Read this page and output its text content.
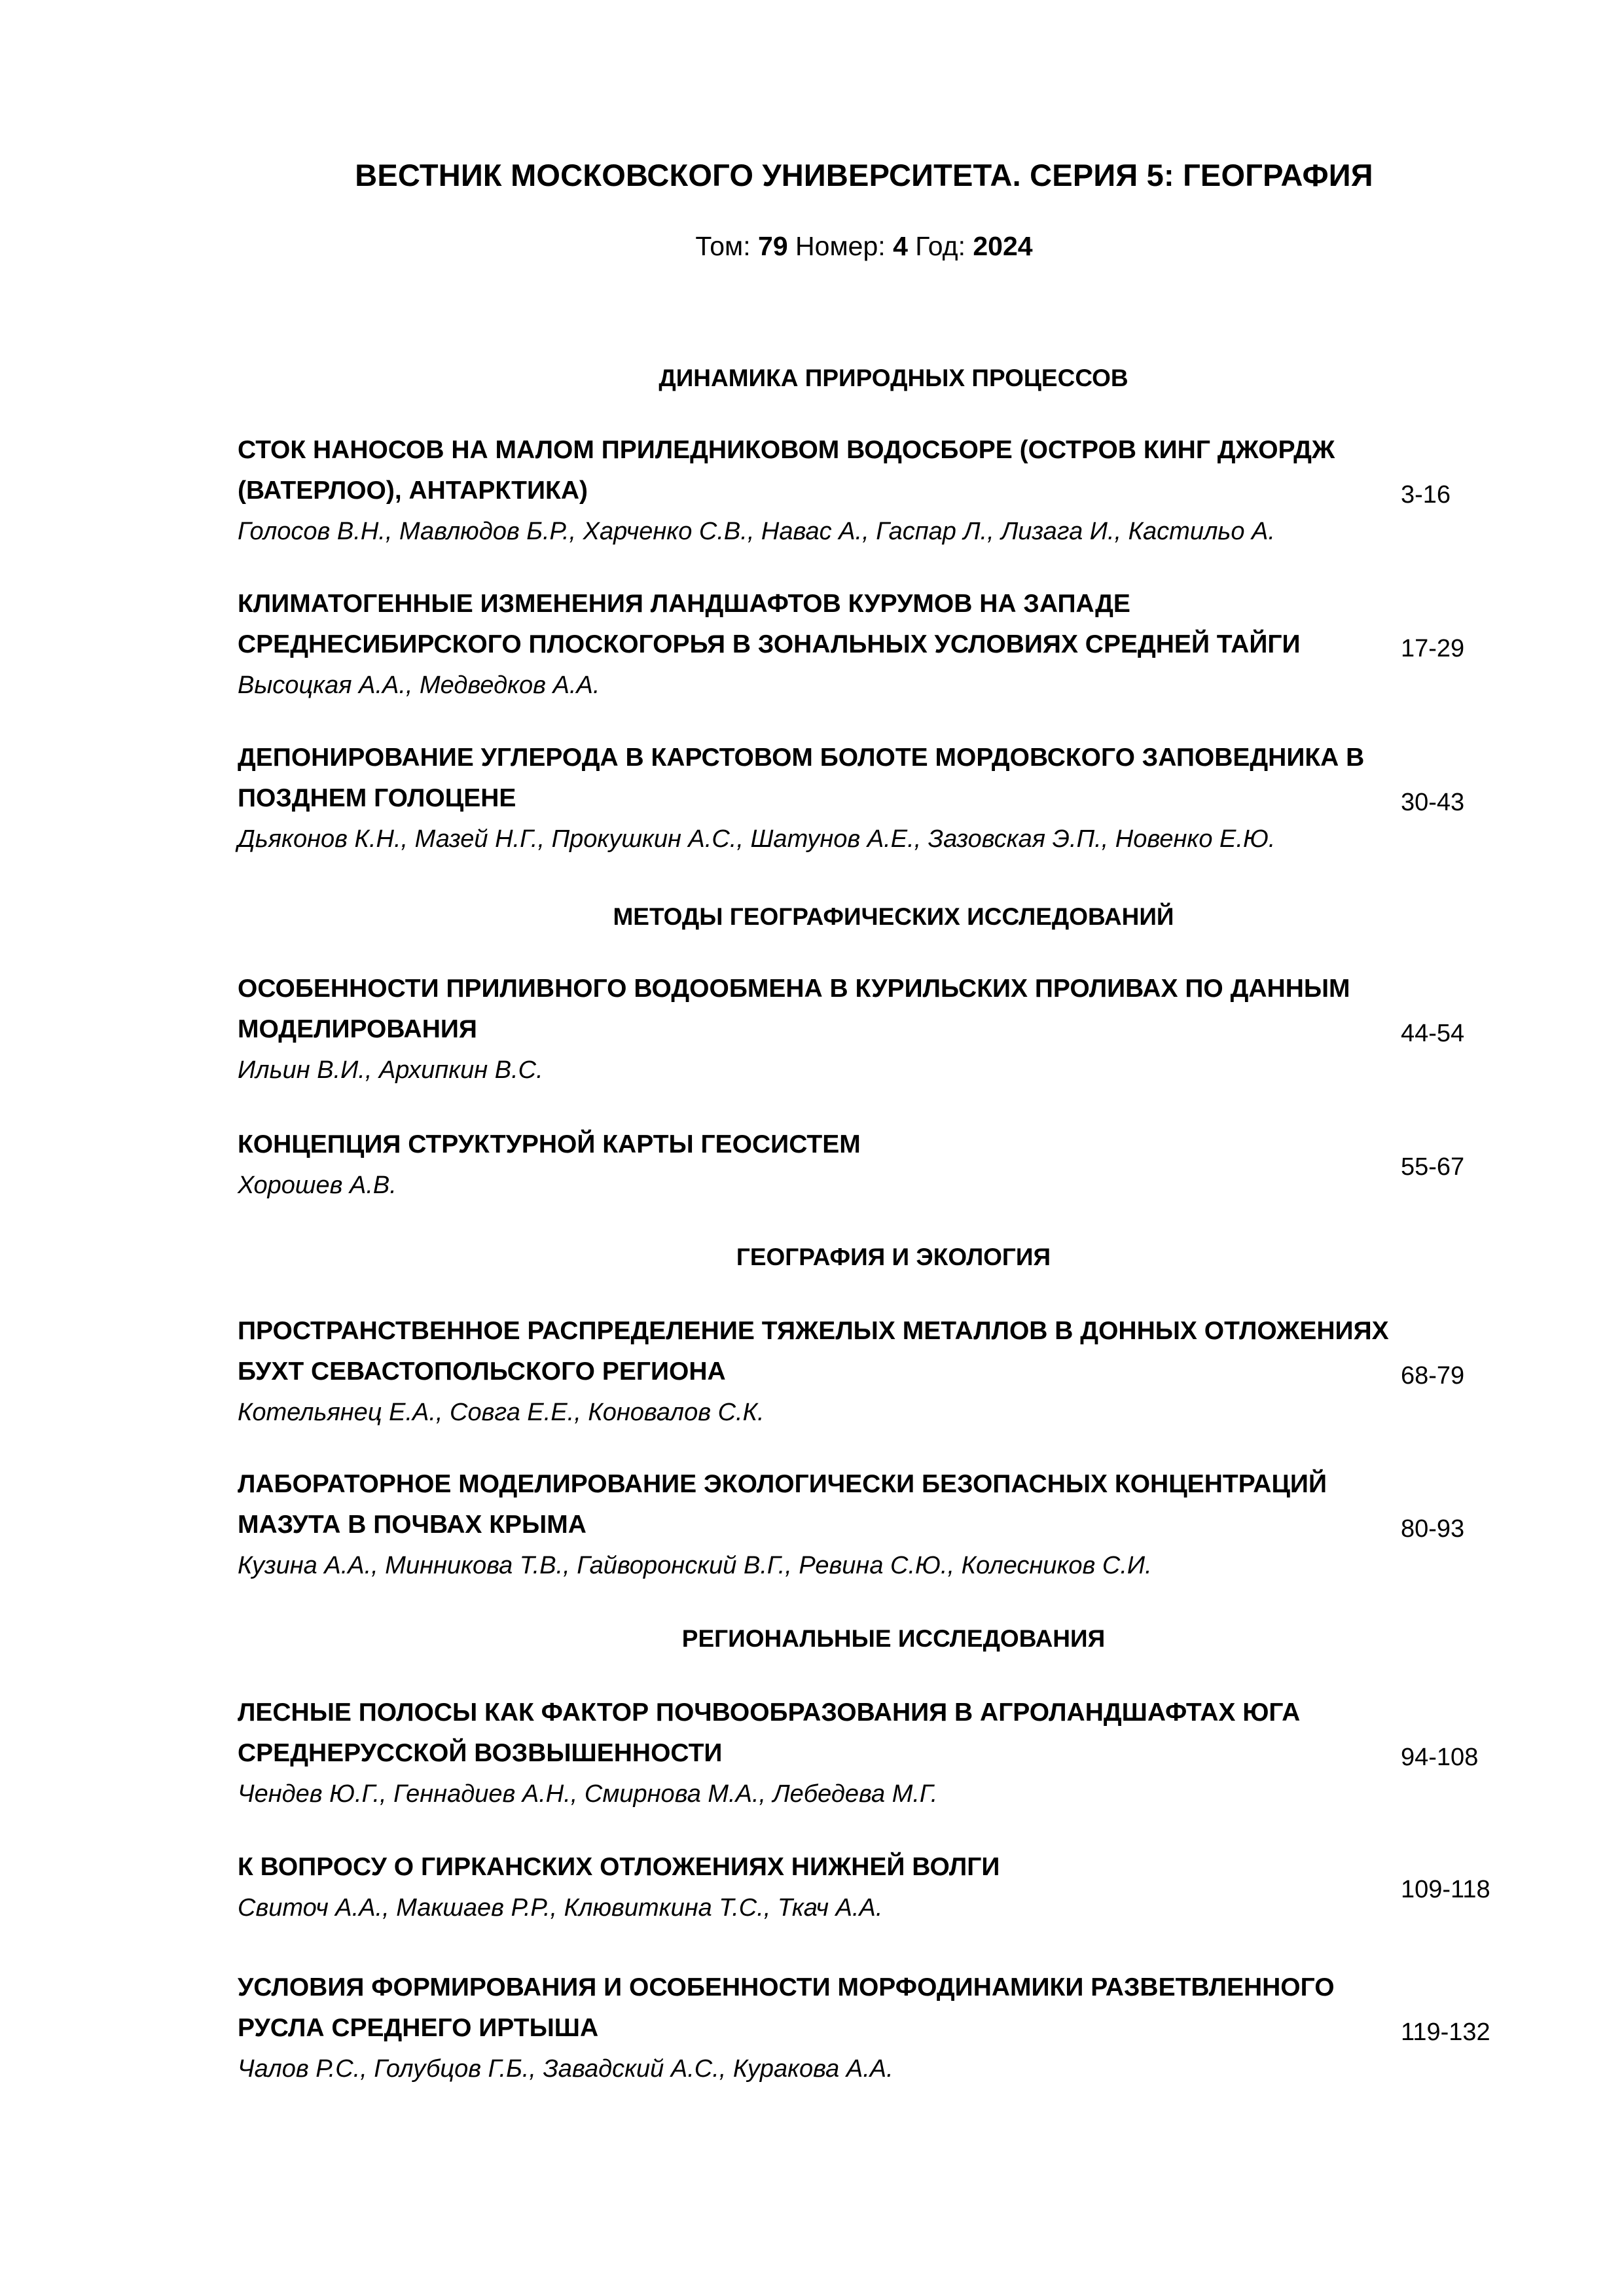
ВЕСТНИК МОСКОВСКОГО УНИВЕРСИТЕТА. СЕРИЯ 5: ГЕОГРАФИЯ
Том: 79 Номер: 4 Год: 2024
ДИНАМИКА ПРИРОДНЫХ ПРОЦЕССОВ
СТОК НАНОСОВ НА МАЛОМ ПРИЛЕДНИКОВОМ ВОДОСБОРЕ (ОСТРОВ КИНГ ДЖОРДЖ
(ВАТЕРЛОО), АНТАРКТИКА)
Голосов В.Н., Мавлюдов Б.Р., Харченко С.В., Навас А., Гаспар Л., Лизага И., Кастильо А.
3-16
КЛИМАТОГЕННЫЕ ИЗМЕНЕНИЯ ЛАНДШАФТОВ КУРУМОВ НА ЗАПАДЕ
СРЕДНЕСИБИРСКОГО ПЛОСКОГОРЬЯ В ЗОНАЛЬНЫХ УСЛОВИЯХ СРЕДНЕЙ ТАЙГИ
Высоцкая А.А., Медведков А.А.
17-29
ДЕПОНИРОВАНИЕ УГЛЕРОДА В КАРСТОВОМ БОЛОТЕ МОРДОВСКОГО ЗАПОВЕДНИКА В
ПОЗДНЕМ ГОЛОЦЕНЕ
Дьяконов К.Н., Мазей Н.Г., Прокушкин А.С., Шатунов А.Е., Зазовская Э.П., Новенко Е.Ю.
30-43
МЕТОДЫ ГЕОГРАФИЧЕСКИХ ИССЛЕДОВАНИЙ
ОСОБЕННОСТИ ПРИЛИВНОГО ВОДООБМЕНА В КУРИЛЬСКИХ ПРОЛИВАХ ПО ДАННЫМ
МОДЕЛИРОВАНИЯ
Ильин В.И., Архипкин В.С.
44-54
КОНЦЕПЦИЯ СТРУКТУРНОЙ КАРТЫ ГЕОСИСТЕМ
Хорошев А.В.
55-67
ГЕОГРАФИЯ И ЭКОЛОГИЯ
ПРОСТРАНСТВЕННОЕ РАСПРЕДЕЛЕНИЕ ТЯЖЕЛЫХ МЕТАЛЛОВ В ДОННЫХ ОТЛОЖЕНИЯХ
БУХТ СЕВАСТОПОЛЬСКОГО РЕГИОНА
Котельянец Е.А., Совга Е.Е., Коновалов С.К.
68-79
ЛАБОРАТОРНОЕ МОДЕЛИРОВАНИЕ ЭКОЛОГИЧЕСКИ БЕЗОПАСНЫХ КОНЦЕНТРАЦИЙ
МАЗУТА В ПОЧВАХ КРЫМА
Кузина А.А., Минникова Т.В., Гайворонский В.Г., Ревина С.Ю., Колесников С.И.
80-93
РЕГИОНАЛЬНЫЕ ИССЛЕДОВАНИЯ
ЛЕСНЫЕ ПОЛОСЫ КАК ФАКТОР ПОЧВООБРАЗОВАНИЯ В АГРОЛАНДШАФТАХ ЮГА
СРЕДНЕРУССКОЙ ВОЗВЫШЕННОСТИ
Чендев Ю.Г., Геннадиев А.Н., Смирнова М.А., Лебедева М.Г.
94-108
К ВОПРОСУ О ГИРКАНСКИХ ОТЛОЖЕНИЯХ НИЖНЕЙ ВОЛГИ
Свиточ А.А., Макшаев Р.Р., Клювиткина Т.С., Ткач А.А.
109-118
УСЛОВИЯ ФОРМИРОВАНИЯ И ОСОБЕННОСТИ МОРФОДИНАМИКИ РАЗВЕТВЛЕННОГО
РУСЛА СРЕДНЕГО ИРТЫША
Чалов Р.С., Голубцов Г.Б., Завадский А.С., Куракова А.А.
119-132
